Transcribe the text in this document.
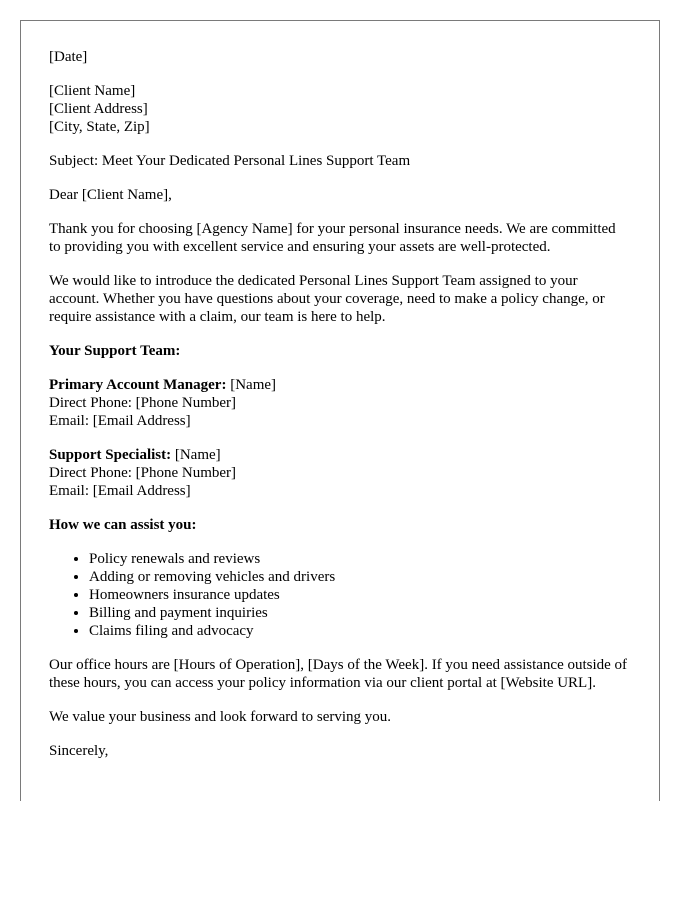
[Date]

[Client Name]
[Client Address]
[City, State, Zip]

Subject: Meet Your Dedicated Personal Lines Support Team

Dear [Client Name],

Thank you for choosing [Agency Name] for your personal insurance needs. We are committed to providing you with excellent service and ensuring your assets are well-protected.

We would like to introduce the dedicated Personal Lines Support Team assigned to your account. Whether you have questions about your coverage, need to make a policy change, or require assistance with a claim, our team is here to help.

Your Support Team:

Primary Account Manager: [Name]
Direct Phone: [Phone Number]
Email: [Email Address]

Support Specialist: [Name]
Direct Phone: [Phone Number]
Email: [Email Address]

How we can assist you:

• Policy renewals and reviews
• Adding or removing vehicles and drivers
• Homeowners insurance updates
• Billing and payment inquiries
• Claims filing and advocacy

Our office hours are [Hours of Operation], [Days of the Week]. If you need assistance outside of these hours, you can access your policy information via our client portal at [Website URL].

We value your business and look forward to serving you.

Sincerely,
